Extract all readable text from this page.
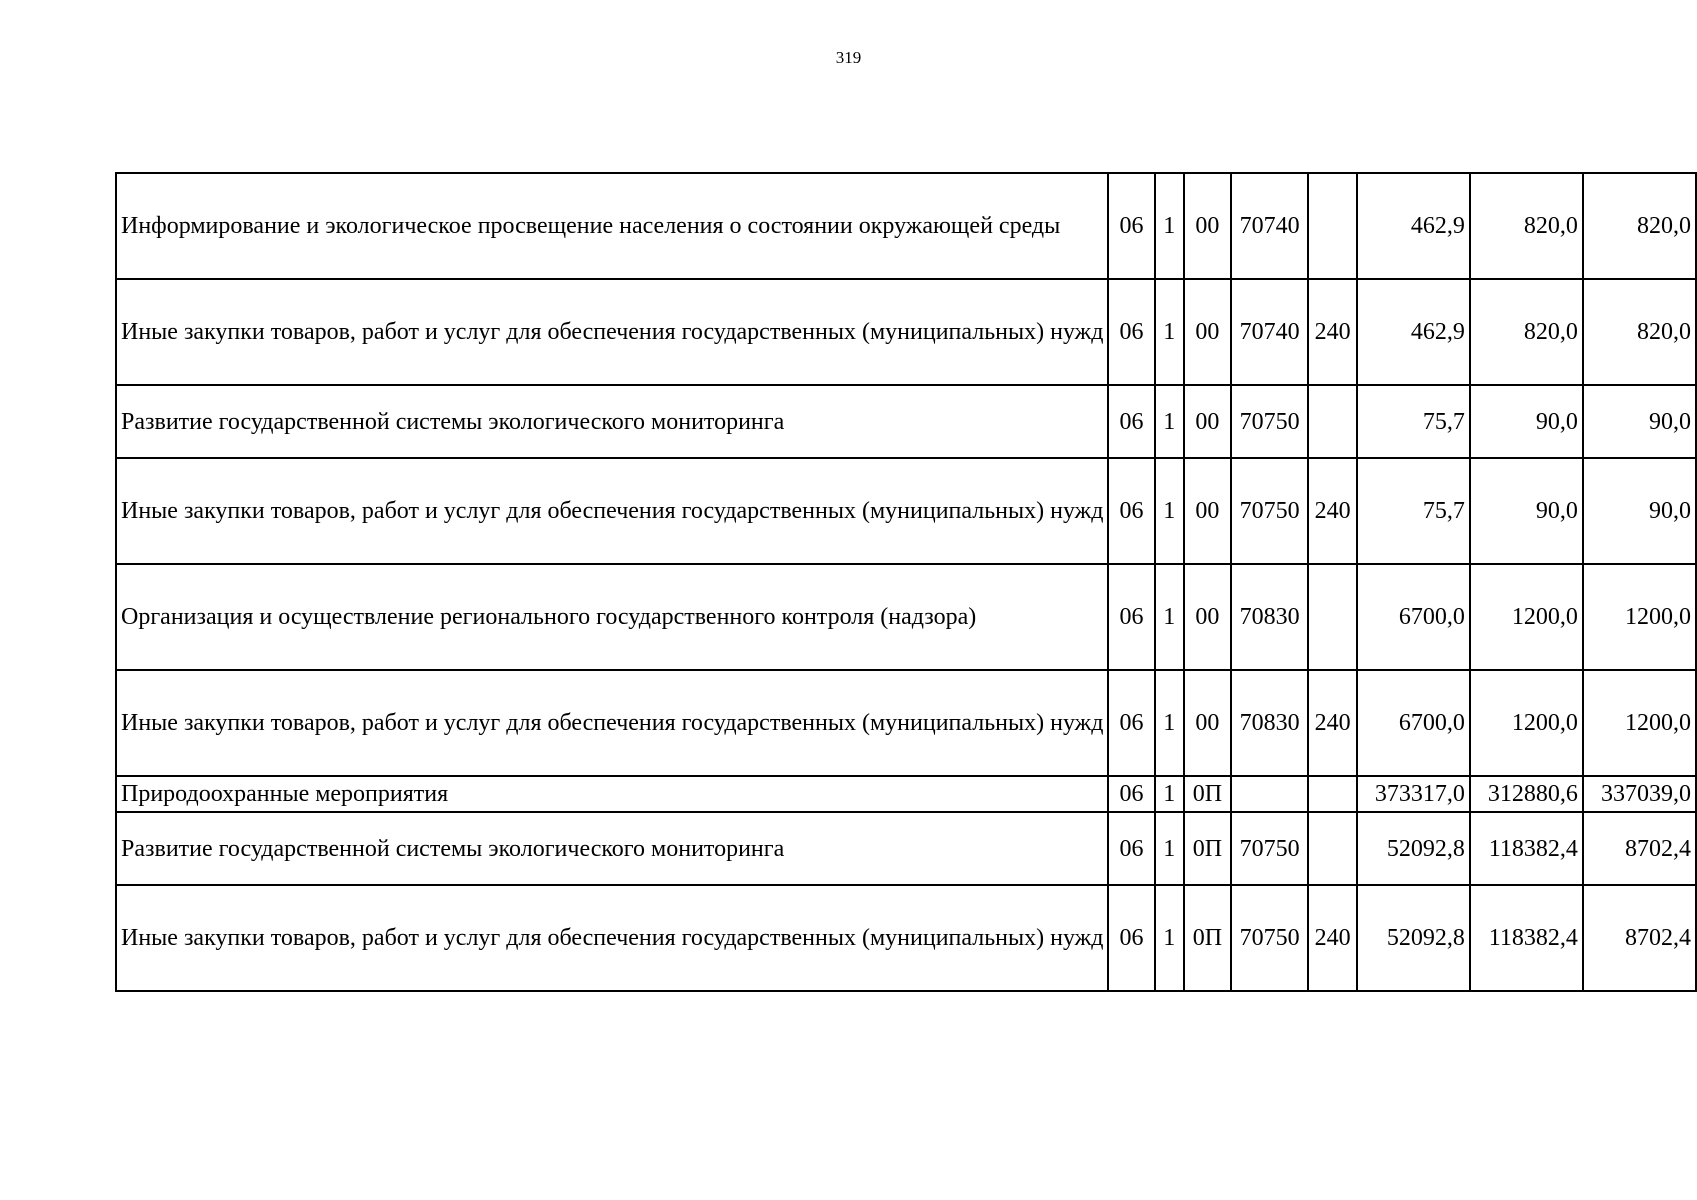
319
Информирование и экологическое просвещение населения о состоянии окружающей среды	06	1	00	70740		462,9	820,0	820,0
Иные закупки товаров, работ и услуг для обеспечения государственных (муниципальных) нужд	06	1	00	70740	240	462,9	820,0	820,0
Развитие государственной системы экологического мониторинга	06	1	00	70750		75,7	90,0	90,0
Иные закупки товаров, работ и услуг для обеспечения государственных (муниципальных) нужд	06	1	00	70750	240	75,7	90,0	90,0
Организация и осуществление регионального государственного контроля (надзора)	06	1	00	70830		6700,0	1200,0	1200,0
Иные закупки товаров, работ и услуг для обеспечения государственных (муниципальных) нужд	06	1	00	70830	240	6700,0	1200,0	1200,0
Природоохранные мероприятия	06	1	0П			373317,0	312880,6	337039,0
Развитие государственной системы экологического мониторинга	06	1	0П	70750		52092,8	118382,4	8702,4
Иные закупки товаров, работ и услуг для обеспечения государственных (муниципальных) нужд	06	1	0П	70750	240	52092,8	118382,4	8702,4
